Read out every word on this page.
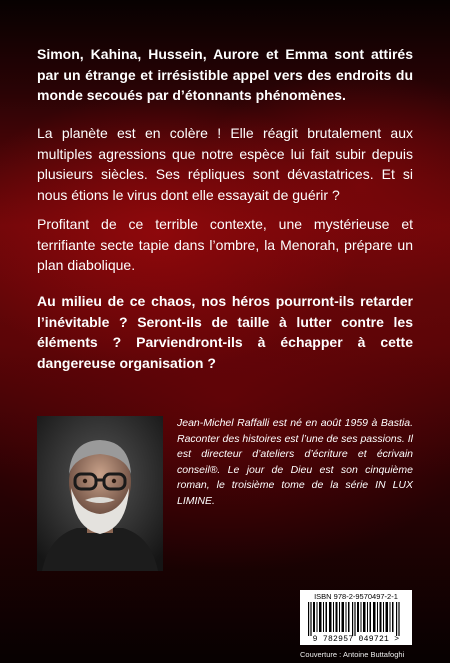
Simon, Kahina, Hussein, Aurore et Emma sont attirés par un étrange et irrésistible appel vers des endroits du monde secoués par d’étonnants phénomènes.

La planète est en colère ! Elle réagit brutalement aux multiples agressions que notre espèce lui fait subir depuis plusieurs siècles. Ses répliques sont dévastatrices. Et si nous étions le virus dont elle essayait de guérir ?

Profitant de ce terrible contexte, une mystérieuse et terrifiante secte tapie dans l’ombre, la Menorah, prépare un plan diabolique.

Au milieu de ce chaos, nos héros pourront-ils retarder l’inévitable ? Seront-ils de taille à lutter contre les éléments ? Parviendront-ils à échapper à cette dangereuse organisation ?

Jean-Michel Raffalli est né en août 1959 à Bastia. Raconter des histoires est l’une de ses passions. Il est directeur d’ateliers d’écriture et écrivain conseil®. Le jour de Dieu est son cinquième roman, le troisième tome de la série IN LUX LIMINE.

ISBN 978-2-9570497-2-1
9 782957 049721 >
Couverture : Antoine Buttafoghi
